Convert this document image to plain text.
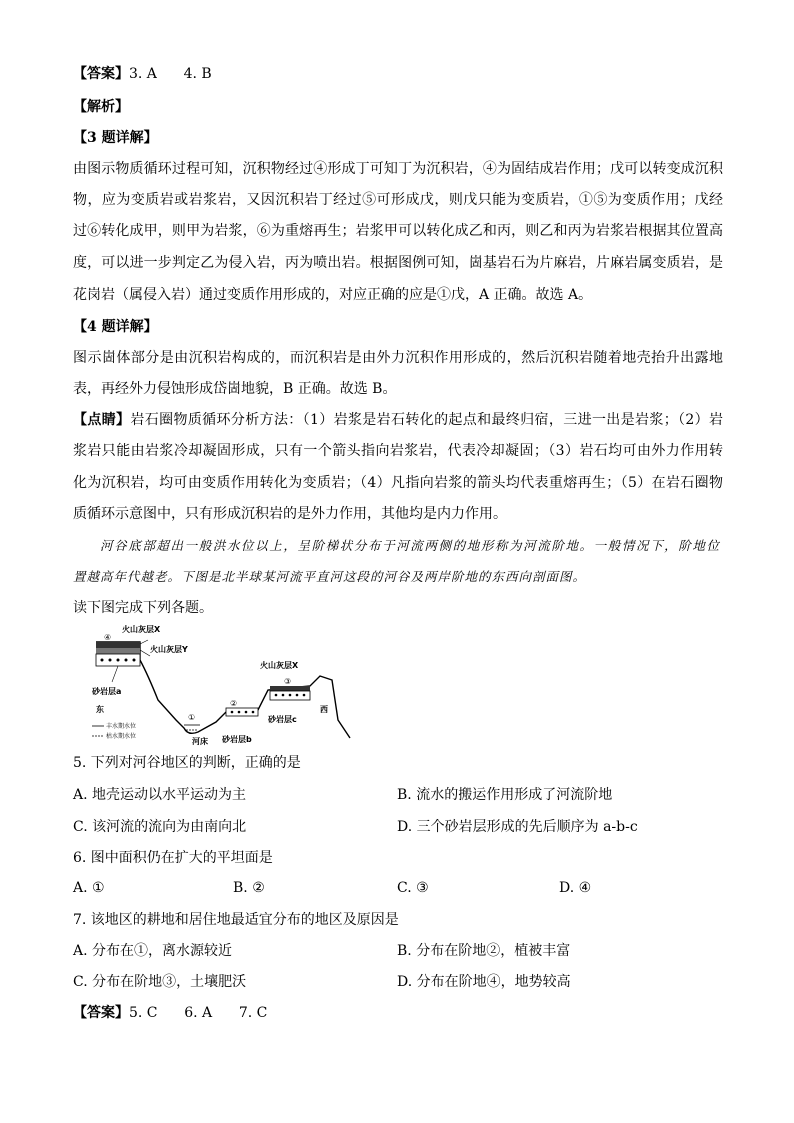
【答案】3. A      4. B
【解析】
【3 题详解】
由图示物质循环过程可知，沉积物经过④形成丁可知丁为沉积岩，④为固结成岩作用；戊可以转变成沉积
物，应为变质岩或岩浆岩，又因沉积岩丁经过⑤可形成戊，则戊只能为变质岩，①⑤为变质作用；戊经
过⑥转化成甲，则甲为岩浆，⑥为重熔再生；岩浆甲可以转化成乙和丙，则乙和丙为岩浆岩根据其位置高
度，可以进一步判定乙为侵入岩，丙为喷出岩。根据图例可知，崮基岩石为片麻岩，片麻岩属变质岩，是
花岗岩（属侵入岩）通过变质作用形成的，对应正确的应是①戊，A 正确。故选 A。
【4 题详解】
图示崮体部分是由沉积岩构成的，而沉积岩是由外力沉积作用形成的，然后沉积岩随着地壳抬升出露地
表，再经外力侵蚀形成岱崮地貌，B 正确。故选 B。
【点睛】岩石圈物质循环分析方法：（1）岩浆是岩石转化的起点和最终归宿，三进一出是岩浆；（2）岩
浆岩只能由岩浆冷却凝固形成，只有一个箭头指向岩浆岩，代表冷却凝固；（3）岩石均可由外力作用转
化为沉积岩，均可由变质作用转化为变质岩；（4）凡指向岩浆的箭头均代表重熔再生；（5）在岩石圈物
质循环示意图中，只有形成沉积岩的是外力作用，其他均是内力作用。
河谷底部超出一般洪水位以上，呈阶梯状分布于河流两侧的地形称为河流阶地。一般情况下，阶地位
置越高年代越老。下图是北半球某河流平直河这段的河谷及两岸阶地的东西向剖面图。
读下图完成下列各题。
火山灰层X
④
火山灰层Y
砂岩层a
东
丰水期水位
枯水期水位
①
河床
②
砂岩层b
火山灰层X
③
砂岩层c
西
5. 下列对河谷地区的判断，正确的是
A. 地壳运动以水平运动为主	B. 流水的搬运作用形成了河流阶地
C. 该河流的流向为由南向北	D. 三个砂岩层形成的先后顺序为 a-b-c
6. 图中面积仍在扩大的平坦面是
A. ①	B. ②	C. ③	D. ④
7. 该地区的耕地和居住地最适宜分布的地区及原因是
A. 分布在①，离水源较近	B. 分布在阶地②，植被丰富
C. 分布在阶地③，土壤肥沃	D. 分布在阶地④，地势较高
【答案】5. C      6. A      7. C
